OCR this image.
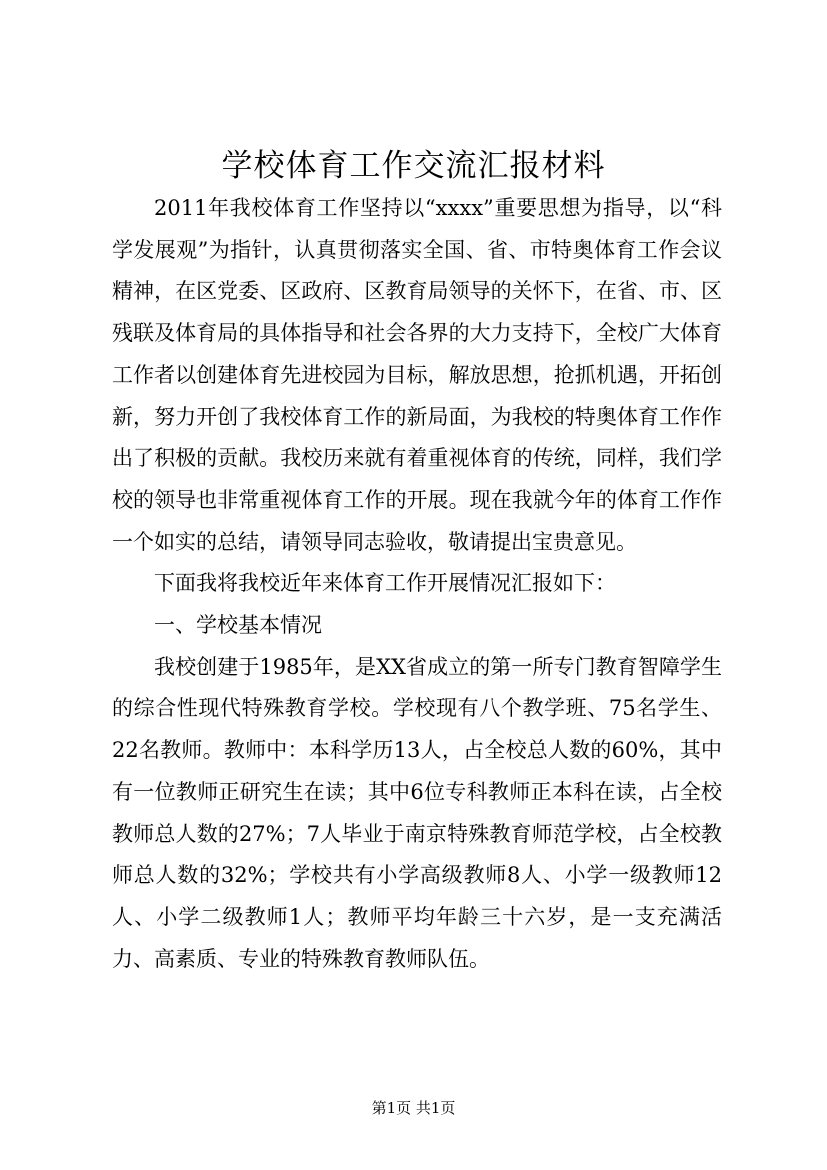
学校体育工作交流汇报材料

2011年我校体育工作坚持以“xxxx”重要思想为指导，以“科学发展观”为指针，认真贯彻落实全国、省、市特奥体育工作会议精神，在区党委、区政府、区教育局领导的关怀下，在省、市、区残联及体育局的具体指导和社会各界的大力支持下，全校广大体育工作者以创建体育先进校园为目标，解放思想，抢抓机遇，开拓创新，努力开创了我校体育工作的新局面，为我校的特奥体育工作作出了积极的贡献。我校历来就有着重视体育的传统，同样，我们学校的领导也非常重视体育工作的开展。现在我就今年的体育工作作一个如实的总结，请领导同志验收，敬请提出宝贵意见。

下面我将我校近年来体育工作开展情况汇报如下：

一、学校基本情况

我校创建于1985年，是XX省成立的第一所专门教育智障学生的综合性现代特殊教育学校。学校现有八个教学班、75名学生、22名教师。教师中：本科学历13人，占全校总人数的60%，其中有一位教师正研究生在读；其中6位专科教师正本科在读，占全校教师总人数的27%；7人毕业于南京特殊教育师范学校，占全校教师总人数的32%；学校共有小学高级教师8人、小学一级教师12人、小学二级教师1人；教师平均年龄三十六岁，是一支充满活力、高素质、专业的特殊教育教师队伍。

第1页 共1页
